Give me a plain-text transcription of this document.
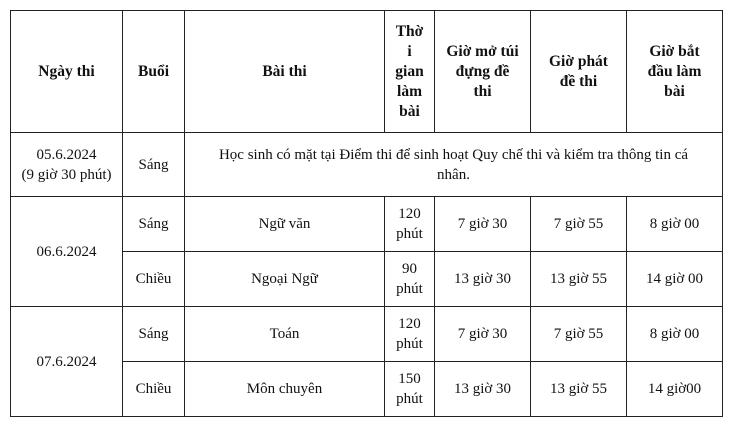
Ngày thi	Buổi	Bài thi	Thờ
i
gian
làm
bài	Giờ mở túi
đựng đề
thi	Giờ phát
đề thi	Giờ bắt
đầu làm
bài
05.6.2024
(9 giờ 30 phút)	Sáng	Học sinh có mặt tại Điểm thi để sinh hoạt Quy chế thi và kiểm tra thông tin cá nhân.				
06.6.2024	Sáng	Ngữ văn	120 phút	7 giờ 30	7 giờ 55	8 giờ 00
	Chiều	Ngoại Ngữ	90 phút	13 giờ 30	13 giờ 55	14 giờ 00
07.6.2024	Sáng	Toán	120 phút	7 giờ 30	7 giờ 55	8 giờ 00
	Chiều	Môn chuyên	150 phút	13 giờ 30	13 giờ 55	14 giờ00
